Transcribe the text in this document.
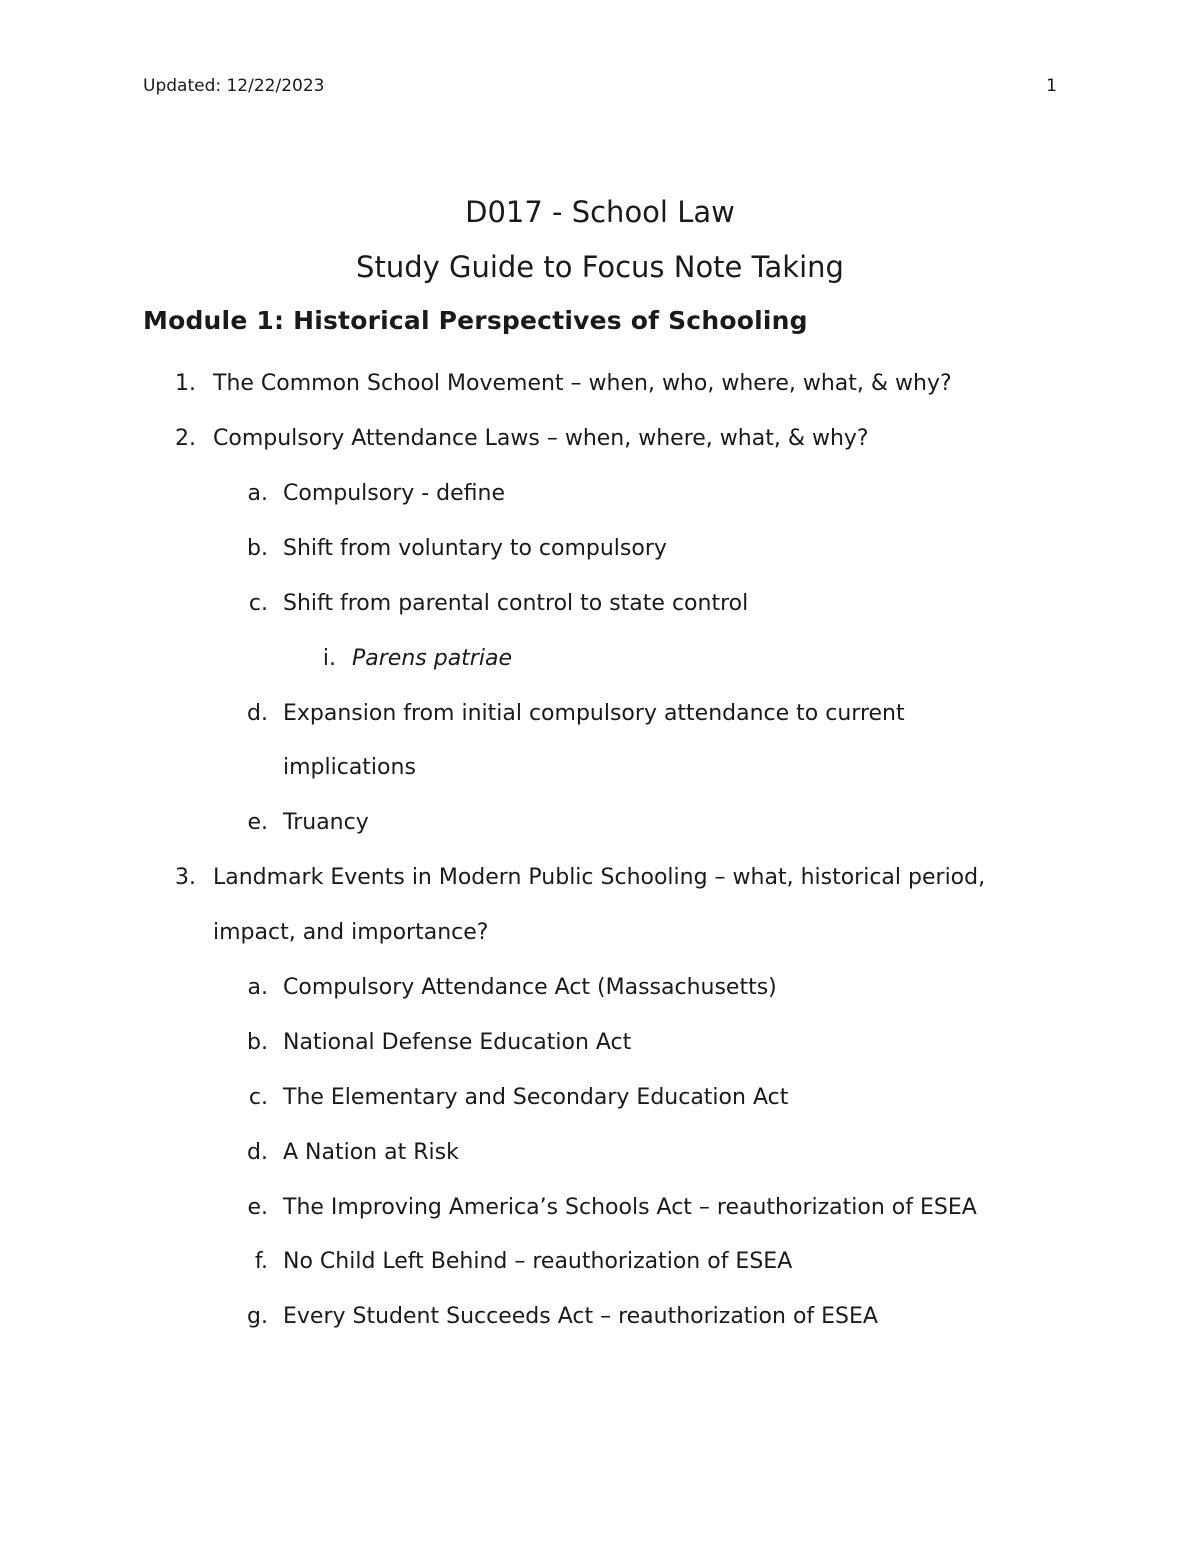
Updated: 12/22/2023	1
D017 - School Law
Study Guide to Focus Note Taking
Module 1: Historical Perspectives of Schooling
1. The Common School Movement – when, who, where, what, & why?
2. Compulsory Attendance Laws – when, where, what, & why?
a. Compulsory - define
b. Shift from voluntary to compulsory
c. Shift from parental control to state control
i. Parens patriae
d. Expansion from initial compulsory attendance to current
implications
e. Truancy
3. Landmark Events in Modern Public Schooling – what, historical period,
impact, and importance?
a. Compulsory Attendance Act (Massachusetts)
b. National Defense Education Act
c. The Elementary and Secondary Education Act
d. A Nation at Risk
e. The Improving America’s Schools Act – reauthorization of ESEA
f. No Child Left Behind – reauthorization of ESEA
g. Every Student Succeeds Act – reauthorization of ESEA
